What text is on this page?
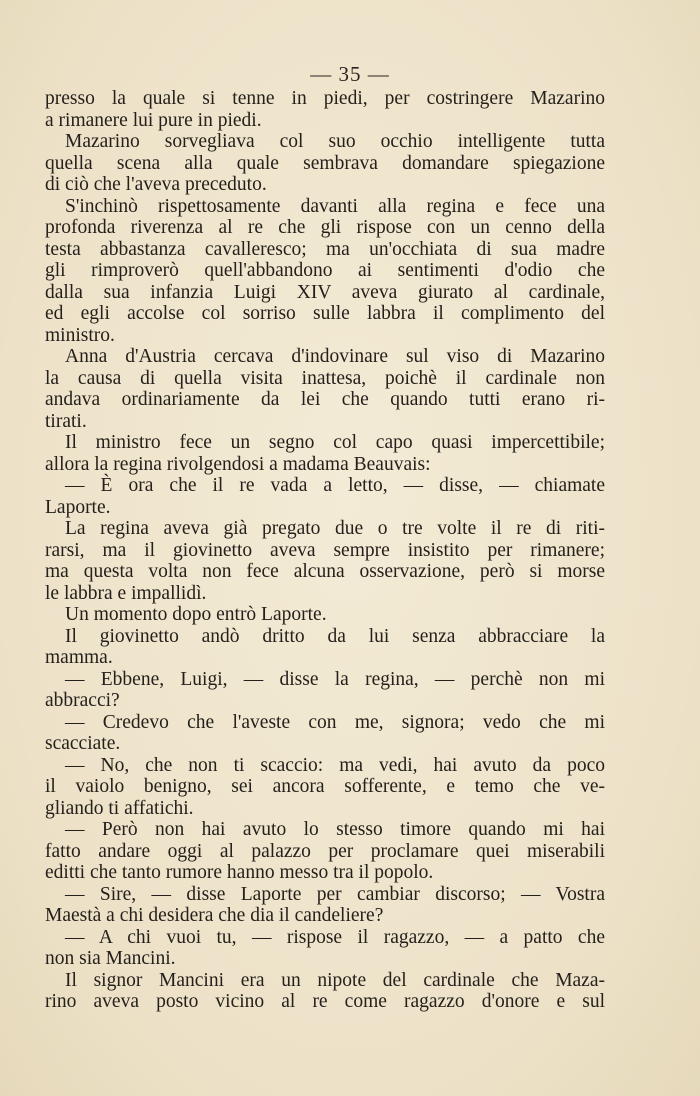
— 35 —
presso la quale si tenne in piedi, per costringere Mazarino
a rimanere lui pure in piedi.
Mazarino sorvegliava col suo occhio intelligente tutta
quella scena alla quale sembrava domandare spiegazione
di ciò che l'aveva preceduto.
S'inchinò rispettosamente davanti alla regina e fece una
profonda riverenza al re che gli rispose con un cenno della
testa abbastanza cavalleresco; ma un'occhiata di sua madre
gli rimproverò quell'abbandono ai sentimenti d'odio che
dalla sua infanzia Luigi XIV aveva giurato al cardinale,
ed egli accolse col sorriso sulle labbra il complimento del
ministro.
Anna d'Austria cercava d'indovinare sul viso di Mazarino
la causa di quella visita inattesa, poichè il cardinale non
andava ordinariamente da lei che quando tutti erano ri-
tirati.
Il ministro fece un segno col capo quasi impercettibile;
allora la regina rivolgendosi a madama Beauvais:
— È ora che il re vada a letto, — disse, — chiamate
Laporte.
La regina aveva già pregato due o tre volte il re di riti-
rarsi, ma il giovinetto aveva sempre insistito per rimanere;
ma questa volta non fece alcuna osservazione, però si morse
le labbra e impallidì.
Un momento dopo entrò Laporte.
Il giovinetto andò dritto da lui senza abbracciare la
mamma.
— Ebbene, Luigi, — disse la regina, — perchè non mi
abbracci?
— Credevo che l'aveste con me, signora; vedo che mi
scacciate.
— No, che non ti scaccio: ma vedi, hai avuto da poco
il vaiolo benigno, sei ancora sofferente, e temo che ve-
gliando ti affatichi.
— Però non hai avuto lo stesso timore quando mi hai
fatto andare oggi al palazzo per proclamare quei miserabili
editti che tanto rumore hanno messo tra il popolo.
— Sire, — disse Laporte per cambiar discorso; — Vostra
Maestà a chi desidera che dia il candeliere?
— A chi vuoi tu, — rispose il ragazzo, — a patto che
non sia Mancini.
Il signor Mancini era un nipote del cardinale che Maza-
rino aveva posto vicino al re come ragazzo d'onore e sul
